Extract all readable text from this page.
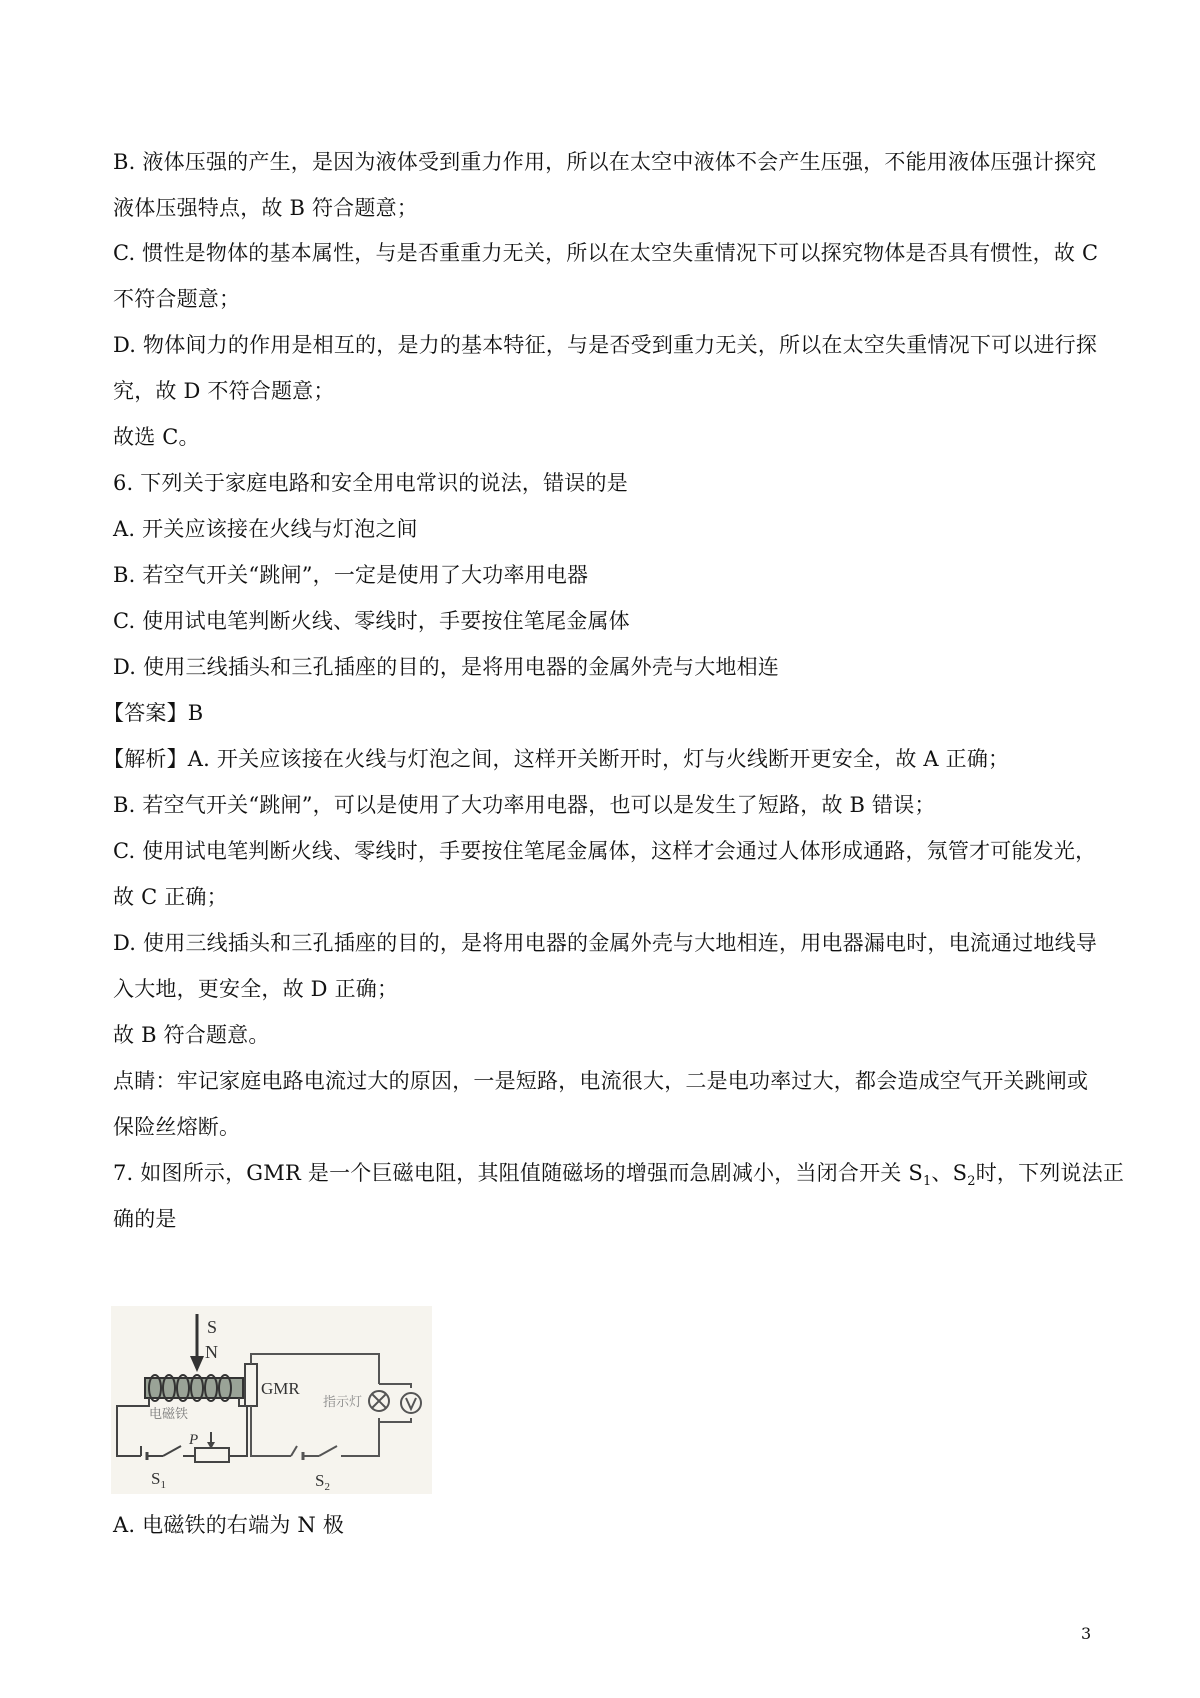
B. 液体压强的产生，是因为液体受到重力作用，所以在太空中液体不会产生压强，不能用液体压强计探究
液体压强特点，故 B 符合题意；
C. 惯性是物体的基本属性，与是否重重力无关，所以在太空失重情况下可以探究物体是否具有惯性，故 C
不符合题意；
D. 物体间力的作用是相互的，是力的基本特征，与是否受到重力无关，所以在太空失重情况下可以进行探
究，故 D 不符合题意；
故选 C。
6. 下列关于家庭电路和安全用电常识的说法，错误的是
A. 开关应该接在火线与灯泡之间
B. 若空气开关“跳闸”，一定是使用了大功率用电器
C. 使用试电笔判断火线、零线时，手要按住笔尾金属体
D. 使用三线插头和三孔插座的目的，是将用电器的金属外壳与大地相连
【答案】B
【解析】A. 开关应该接在火线与灯泡之间，这样开关断开时，灯与火线断开更安全，故 A 正确；
B. 若空气开关“跳闸”，可以是使用了大功率用电器，也可以是发生了短路，故 B 错误；
C. 使用试电笔判断火线、零线时，手要按住笔尾金属体，这样才会通过人体形成通路，氖管才可能发光，
故 C 正确；
D. 使用三线插头和三孔插座的目的，是将用电器的金属外壳与大地相连，用电器漏电时，电流通过地线导
入大地，更安全，故 D 正确；
故 B 符合题意。
点睛：牢记家庭电路电流过大的原因，一是短路，电流很大，二是电功率过大，都会造成空气开关跳闸或
保险丝熔断。
7. 如图所示，GMR 是一个巨磁电阻，其阻值随磁场的增强而急剧减小，当闭合开关 $S_1$、$S_2$时，下列说法正
确的是
S
N
电磁铁
P
$S_1$
GMR
指示灯
$S_2$
A. 电磁铁的右端为 N 极
3
